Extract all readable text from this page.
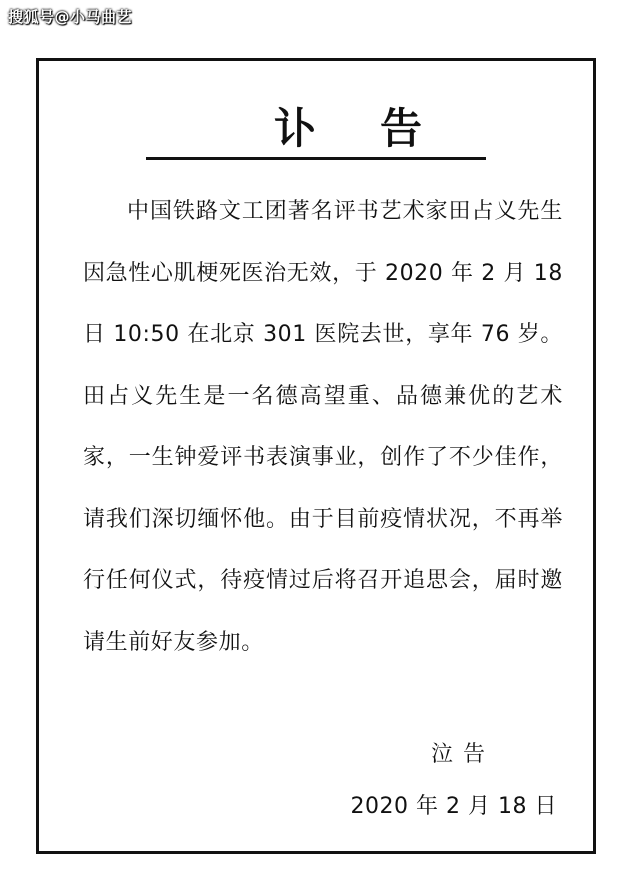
搜狐号@小马曲艺
讣告
中国铁路文工团著名评书艺术家田占义先生因急性心肌梗死医治无效，于 2020 年 2 月 18 日 10:50 在北京 301 医院去世，享年 76 岁。田占义先生是一名德高望重、品德兼优的艺术家，一生钟爱评书表演事业，创作了不少佳作，请我们深切缅怀他。由于目前疫情状况，不再举行任何仪式，待疫情过后将召开追思会，届时邀请生前好友参加。
泣告
2020 年 2 月 18 日
